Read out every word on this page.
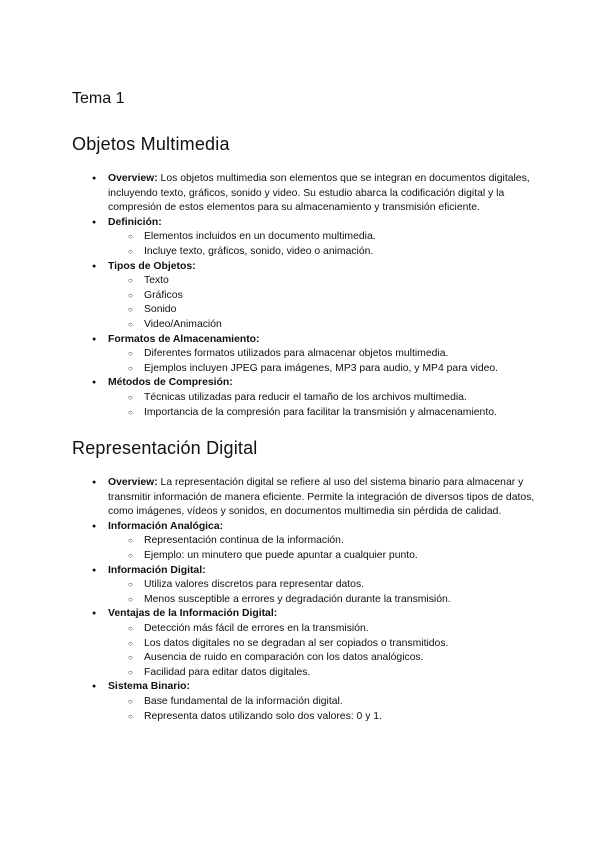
Tema 1
Objetos Multimedia
● Overview: Los objetos multimedia son elementos que se integran en documentos digitales, incluyendo texto, gráficos, sonido y video. Su estudio abarca la codificación digital y la compresión de estos elementos para su almacenamiento y transmisión eficiente.
● Definición:
○ Elementos incluidos en un documento multimedia.
○ Incluye texto, gráficos, sonido, video o animación.
● Tipos de Objetos:
○ Texto
○ Gráficos
○ Sonido
○ Video/Animación
● Formatos de Almacenamiento:
○ Diferentes formatos utilizados para almacenar objetos multimedia.
○ Ejemplos incluyen JPEG para imágenes, MP3 para audio, y MP4 para video.
● Métodos de Compresión:
○ Técnicas utilizadas para reducir el tamaño de los archivos multimedia.
○ Importancia de la compresión para facilitar la transmisión y almacenamiento.
Representación Digital
● Overview: La representación digital se refiere al uso del sistema binario para almacenar y transmitir información de manera eficiente. Permite la integración de diversos tipos de datos, como imágenes, vídeos y sonidos, en documentos multimedia sin pérdida de calidad.
● Información Analógica:
○ Representación continua de la información.
○ Ejemplo: un minutero que puede apuntar a cualquier punto.
● Información Digital:
○ Utiliza valores discretos para representar datos.
○ Menos susceptible a errores y degradación durante la transmisión.
● Ventajas de la Información Digital:
○ Detección más fácil de errores en la transmisión.
○ Los datos digitales no se degradan al ser copiados o transmitidos.
○ Ausencia de ruido en comparación con los datos analógicos.
○ Facilidad para editar datos digitales.
● Sistema Binario:
○ Base fundamental de la información digital.
○ Representa datos utilizando solo dos valores: 0 y 1.
